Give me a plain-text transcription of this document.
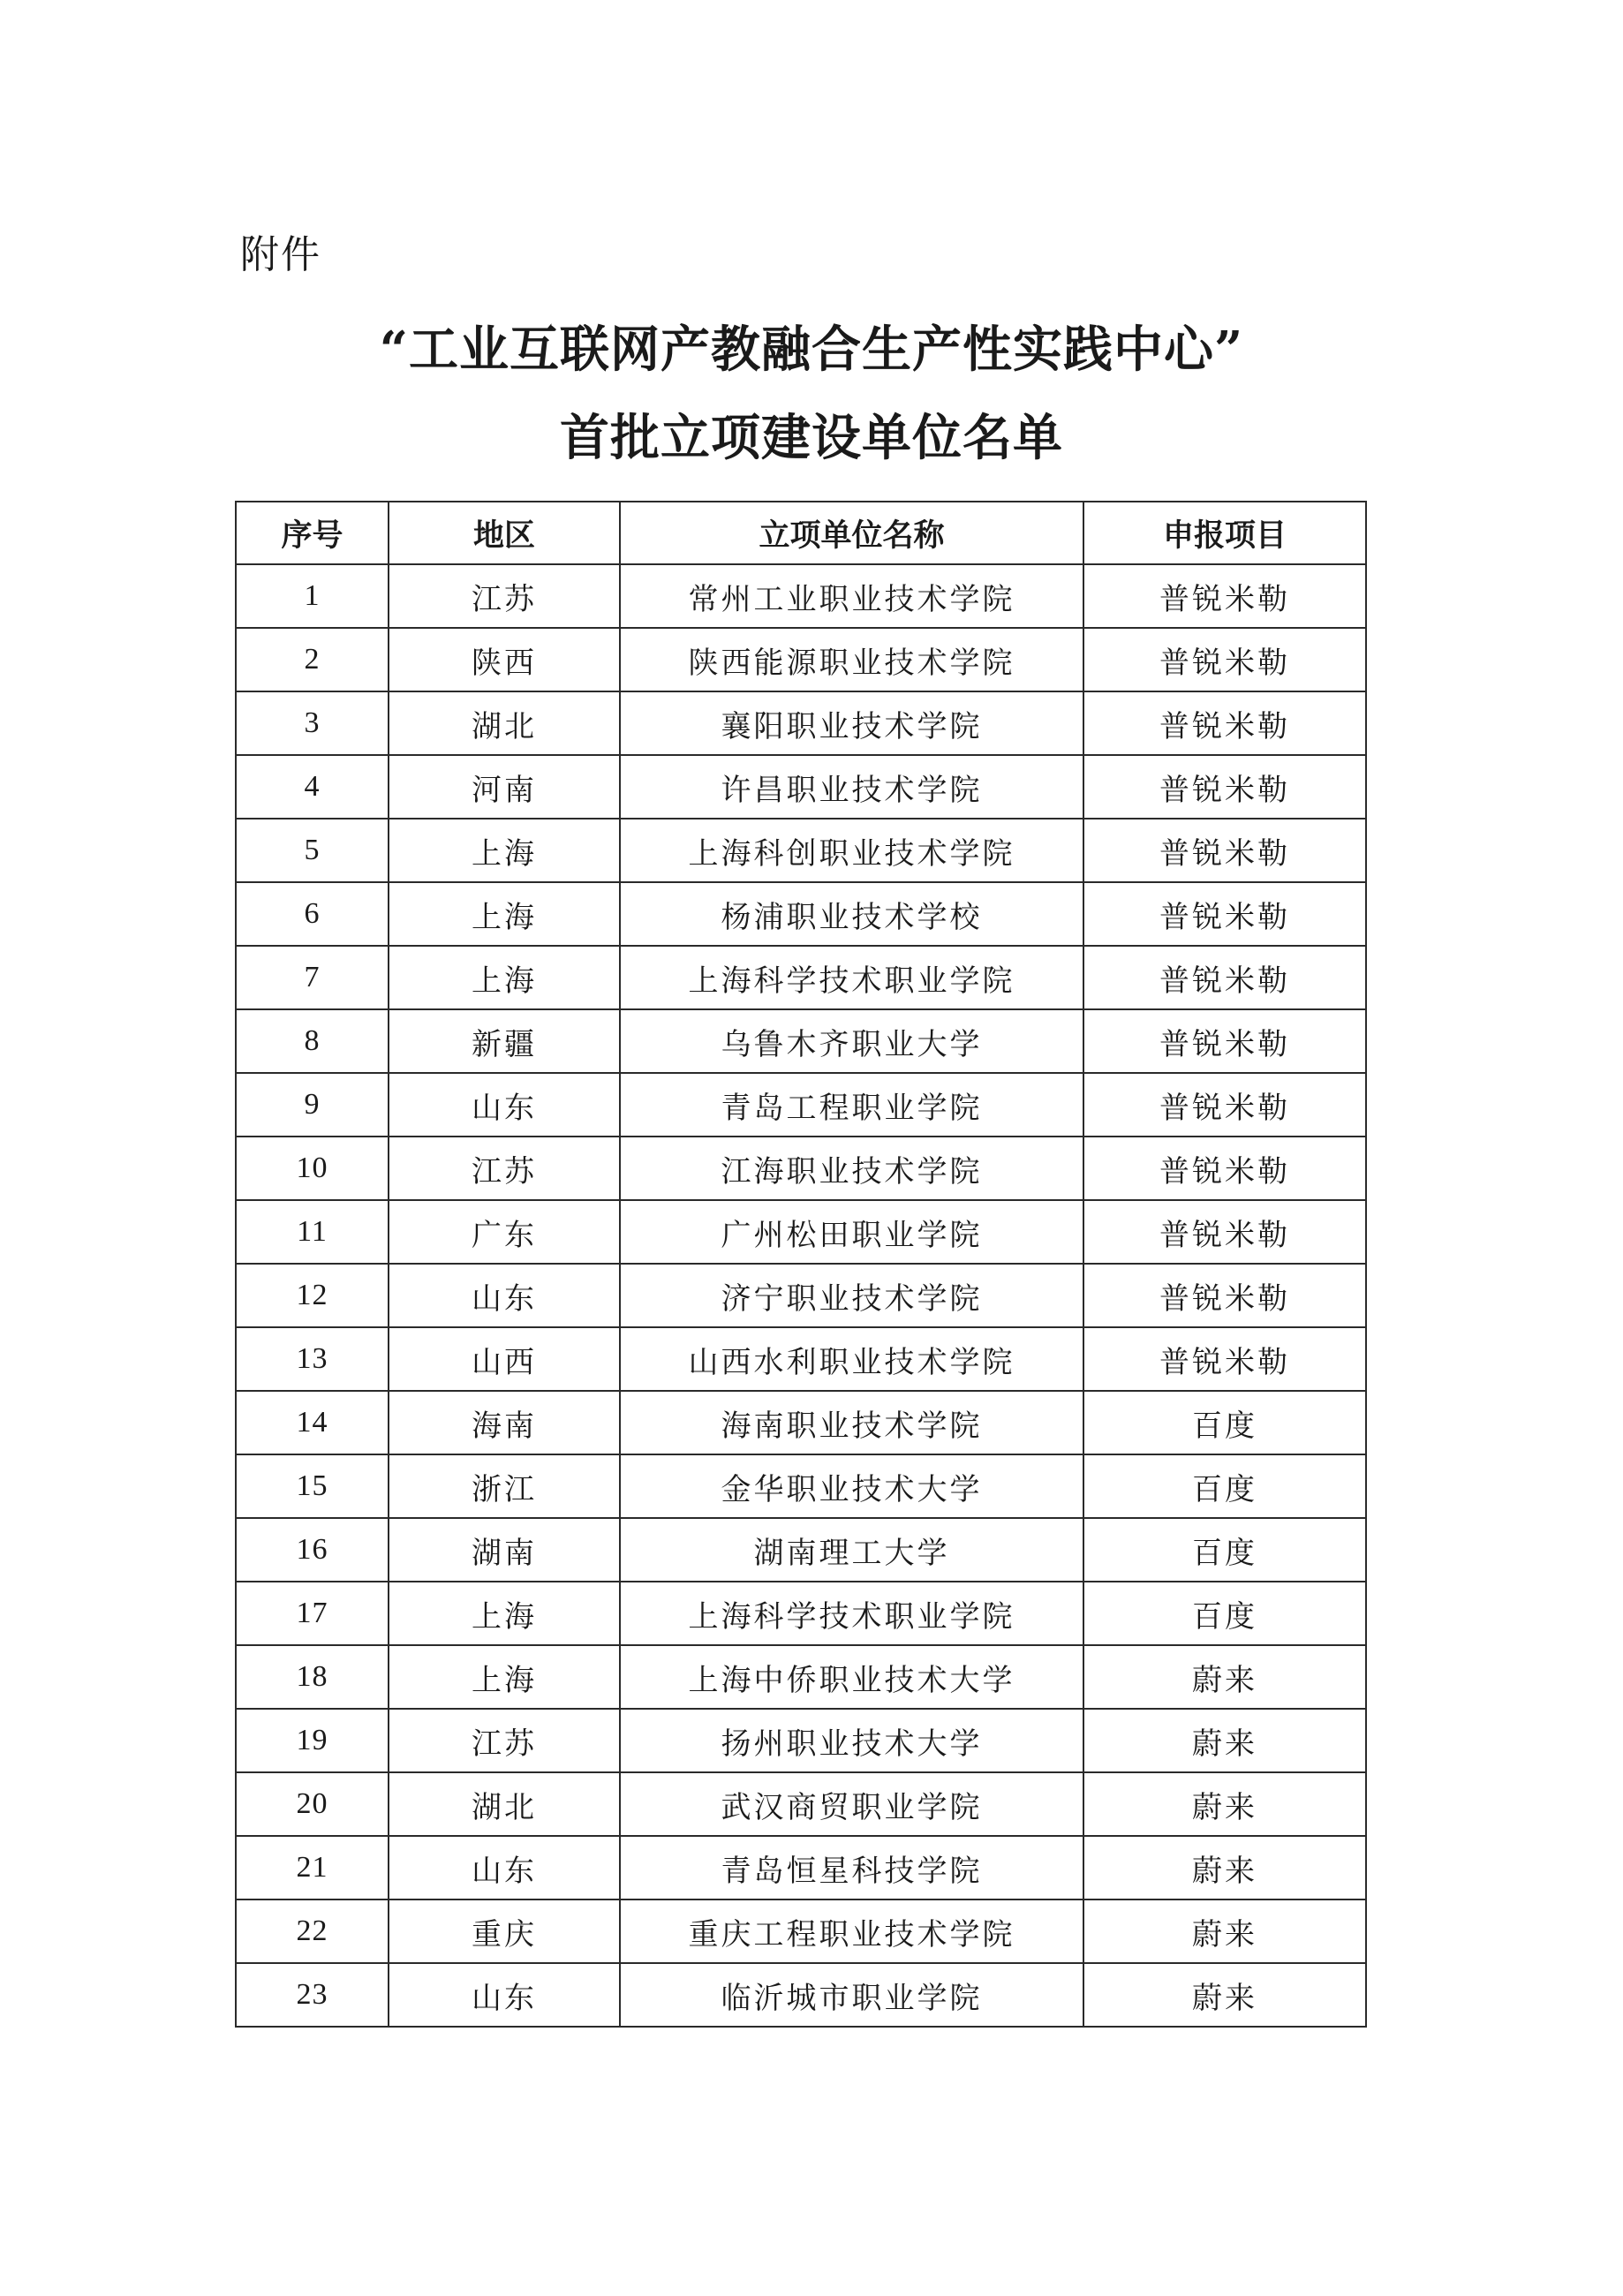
附件
“工业互联网产教融合生产性实践中心”
首批立项建设单位名单
序号	地区	立项单位名称	申报项目
1	江苏	常州工业职业技术学院	普锐米勒
2	陕西	陕西能源职业技术学院	普锐米勒
3	湖北	襄阳职业技术学院	普锐米勒
4	河南	许昌职业技术学院	普锐米勒
5	上海	上海科创职业技术学院	普锐米勒
6	上海	杨浦职业技术学校	普锐米勒
7	上海	上海科学技术职业学院	普锐米勒
8	新疆	乌鲁木齐职业大学	普锐米勒
9	山东	青岛工程职业学院	普锐米勒
10	江苏	江海职业技术学院	普锐米勒
11	广东	广州松田职业学院	普锐米勒
12	山东	济宁职业技术学院	普锐米勒
13	山西	山西水利职业技术学院	普锐米勒
14	海南	海南职业技术学院	百度
15	浙江	金华职业技术大学	百度
16	湖南	湖南理工大学	百度
17	上海	上海科学技术职业学院	百度
18	上海	上海中侨职业技术大学	蔚来
19	江苏	扬州职业技术大学	蔚来
20	湖北	武汉商贸职业学院	蔚来
21	山东	青岛恒星科技学院	蔚来
22	重庆	重庆工程职业技术学院	蔚来
23	山东	临沂城市职业学院	蔚来
